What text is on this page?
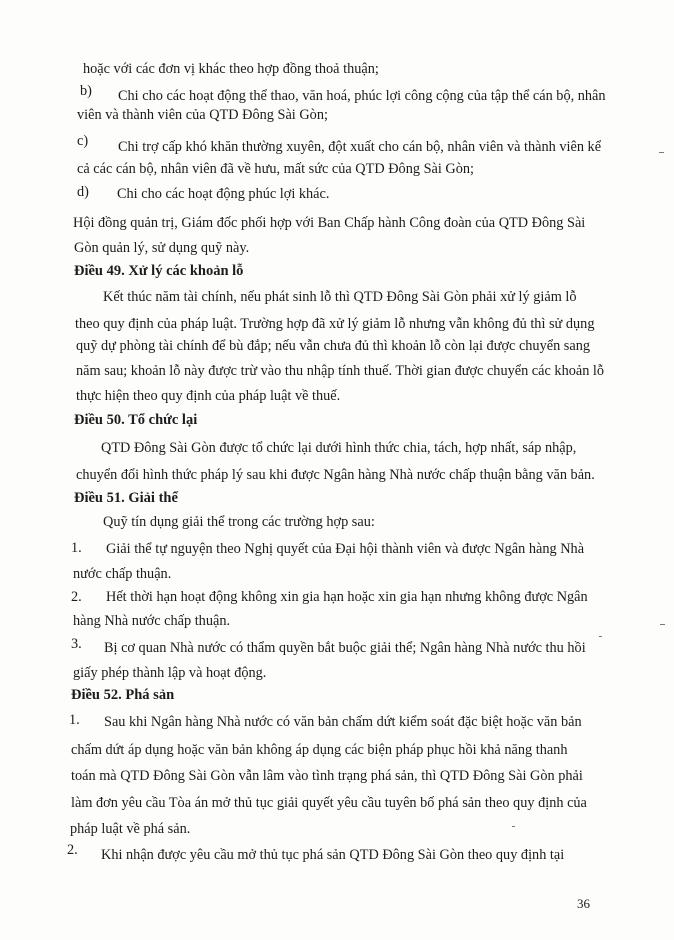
hoặc với các đơn vị khác theo hợp đồng thoả thuận;
b) Chi cho các hoạt động thể thao, văn hoá, phúc lợi công cộng của tập thể cán bộ, nhân
viên và thành viên của QTD Đông Sài Gòn;
c) Chi trợ cấp khó khăn thường xuyên, đột xuất cho cán bộ, nhân viên và thành viên kể
cả các cán bộ, nhân viên đã về hưu, mất sức của QTD Đông Sài Gòn;
d) Chi cho các hoạt động phúc lợi khác.
Hội đồng quản trị, Giám đốc phối hợp với Ban Chấp hành Công đoàn của QTD Đông Sài
Gòn quản lý, sử dụng quỹ này.
Điều 49. Xử lý các khoản lỗ
Kết thúc năm tài chính, nếu phát sinh lỗ thì QTD Đông Sài Gòn phải xử lý giảm lỗ
theo quy định của pháp luật. Trường hợp đã xử lý giảm lỗ nhưng vẫn không đủ thì sử dụng
quỹ dự phòng tài chính để bù đắp; nếu vẫn chưa đủ thì khoản lỗ còn lại được chuyển sang
năm sau; khoản lỗ này được trừ vào thu nhập tính thuế. Thời gian được chuyển các khoản lỗ
thực hiện theo quy định của pháp luật về thuế.
Điều 50. Tổ chức lại
QTD Đông Sài Gòn được tổ chức lại dưới hình thức chia, tách, hợp nhất, sáp nhập,
chuyển đổi hình thức pháp lý sau khi được Ngân hàng Nhà nước chấp thuận bằng văn bản.
Điều 51. Giải thể
Quỹ tín dụng giải thể trong các trường hợp sau:
1. Giải thể tự nguyện theo Nghị quyết của Đại hội thành viên và được Ngân hàng Nhà
nước chấp thuận.
2. Hết thời hạn hoạt động không xin gia hạn hoặc xin gia hạn nhưng không được Ngân
hàng Nhà nước chấp thuận.
3. Bị cơ quan Nhà nước có thẩm quyền bắt buộc giải thể; Ngân hàng Nhà nước thu hồi
giấy phép thành lập và hoạt động.
Điều 52. Phá sản
1. Sau khi Ngân hàng Nhà nước có văn bản chấm dứt kiểm soát đặc biệt hoặc văn bản
chấm dứt áp dụng hoặc văn bản không áp dụng các biện pháp phục hồi khả năng thanh
toán mà QTD Đông Sài Gòn vẫn lâm vào tình trạng phá sản, thì QTD Đông Sài Gòn phải
làm đơn yêu cầu Tòa án mở thủ tục giải quyết yêu cầu tuyên bố phá sản theo quy định của
pháp luật về phá sản.
2. Khi nhận được yêu cầu mở thủ tục phá sản QTD Đông Sài Gòn theo quy định tại
36
